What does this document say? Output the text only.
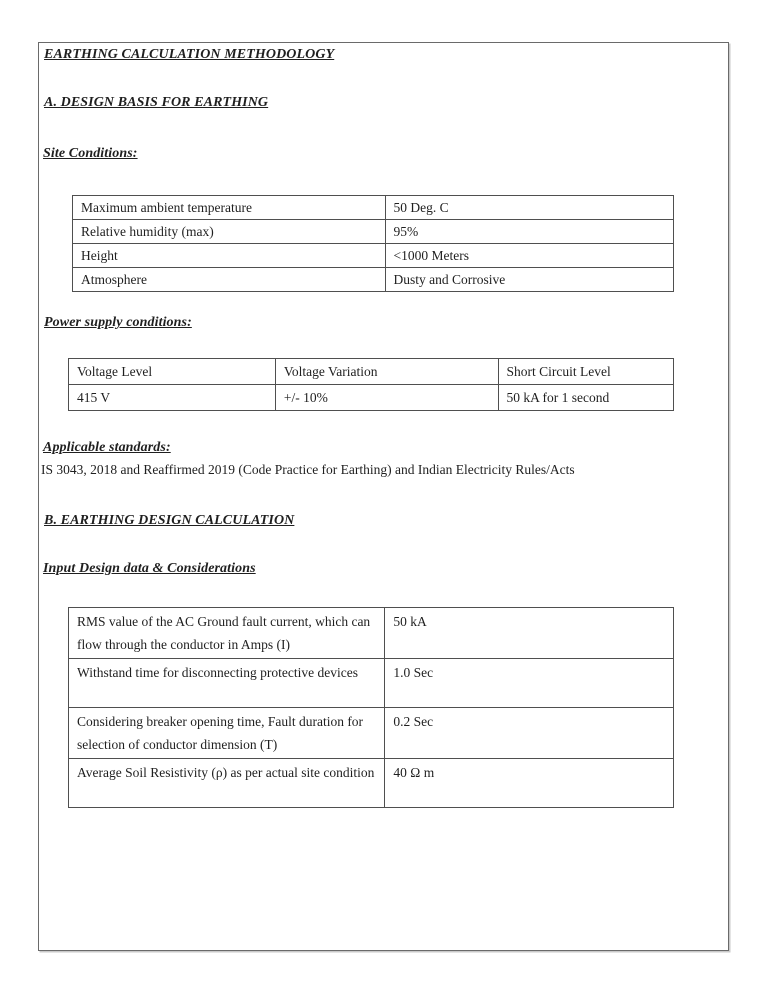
EARTHING CALCULATION METHODOLOGY
A. DESIGN BASIS FOR EARTHING
Site Conditions:
Maximum ambient temperature	50 Deg. C
Relative humidity (max)	95%
Height	<1000 Meters
Atmosphere	Dusty and Corrosive
Power supply conditions:
Voltage Level	Voltage Variation	Short Circuit Level
415 V	+/- 10%	50 kA for 1 second
Applicable standards:
IS 3043, 2018 and Reaffirmed 2019 (Code Practice for Earthing) and Indian Electricity Rules/Acts
B. EARTHING DESIGN CALCULATION
Input Design data & Considerations
RMS value of the AC Ground fault current, which can flow through the conductor in Amps (I)	50 kA
Withstand time for disconnecting protective devices	1.0 Sec
Considering breaker opening time, Fault duration for selection of conductor dimension (T)	0.2 Sec
Average Soil Resistivity (ρ) as per actual site condition	40 Ω m
